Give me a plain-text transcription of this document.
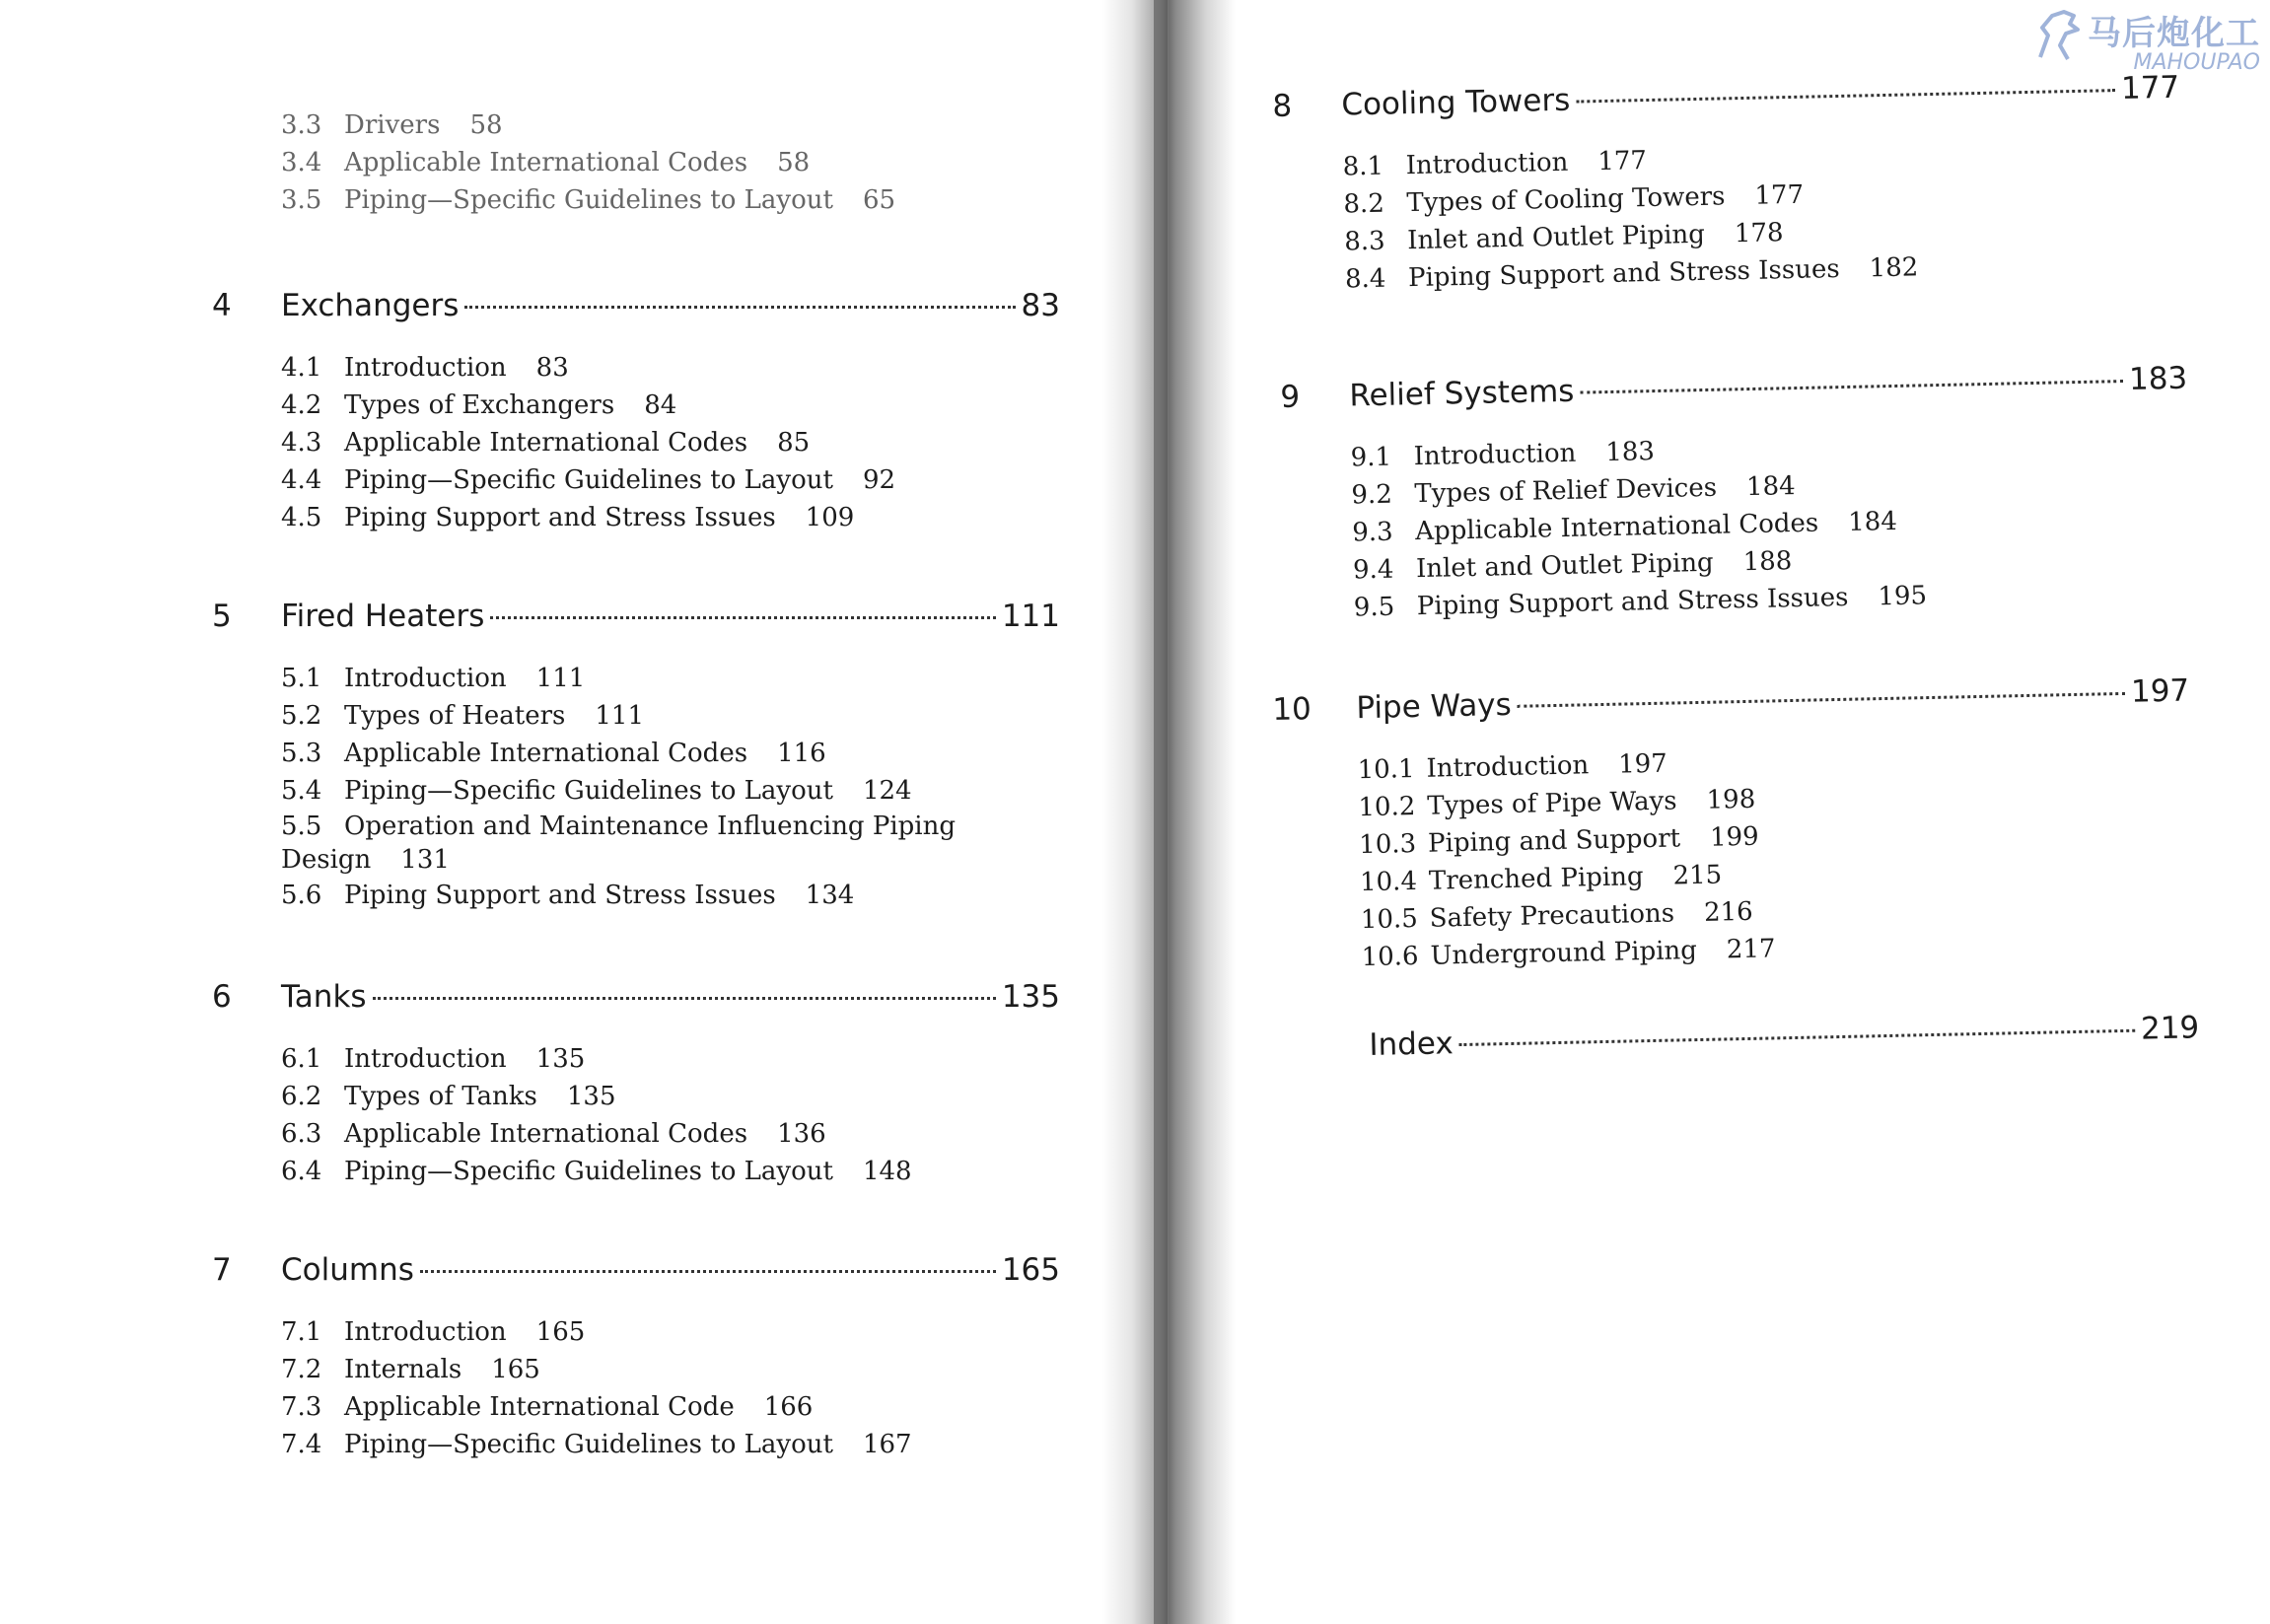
马后炮化工
MAHOUPAO
3.3 Drivers 58
3.4 Applicable International Codes 58
3.5 Piping—Specific Guidelines to Layout 65
4 Exchangers	83
4.1 Introduction 83
4.2 Types of Exchangers 84
4.3 Applicable International Codes 85
4.4 Piping—Specific Guidelines to Layout 92
4.5 Piping Support and Stress Issues 109
5 Fired Heaters	111
5.1 Introduction 111
5.2 Types of Heaters 111
5.3 Applicable International Codes 116
5.4 Piping—Specific Guidelines to Layout 124
5.5 Operation and Maintenance Influencing Piping Design 131
5.6 Piping Support and Stress Issues 134
6 Tanks	135
6.1 Introduction 135
6.2 Types of Tanks 135
6.3 Applicable International Codes 136
6.4 Piping—Specific Guidelines to Layout 148
7 Columns	165
7.1 Introduction 165
7.2 Internals 165
7.3 Applicable International Code 166
7.4 Piping—Specific Guidelines to Layout 167
8 Cooling Towers	177
8.1 Introduction 177
8.2 Types of Cooling Towers 177
8.3 Inlet and Outlet Piping 178
8.4 Piping Support and Stress Issues 182
9 Relief Systems	183
9.1 Introduction 183
9.2 Types of Relief Devices 184
9.3 Applicable International Codes 184
9.4 Inlet and Outlet Piping 188
9.5 Piping Support and Stress Issues 195
10 Pipe Ways	197
10.1 Introduction 197
10.2 Types of Pipe Ways 198
10.3 Piping and Support 199
10.4 Trenched Piping 215
10.5 Safety Precautions 216
10.6 Underground Piping 217
Index	219
